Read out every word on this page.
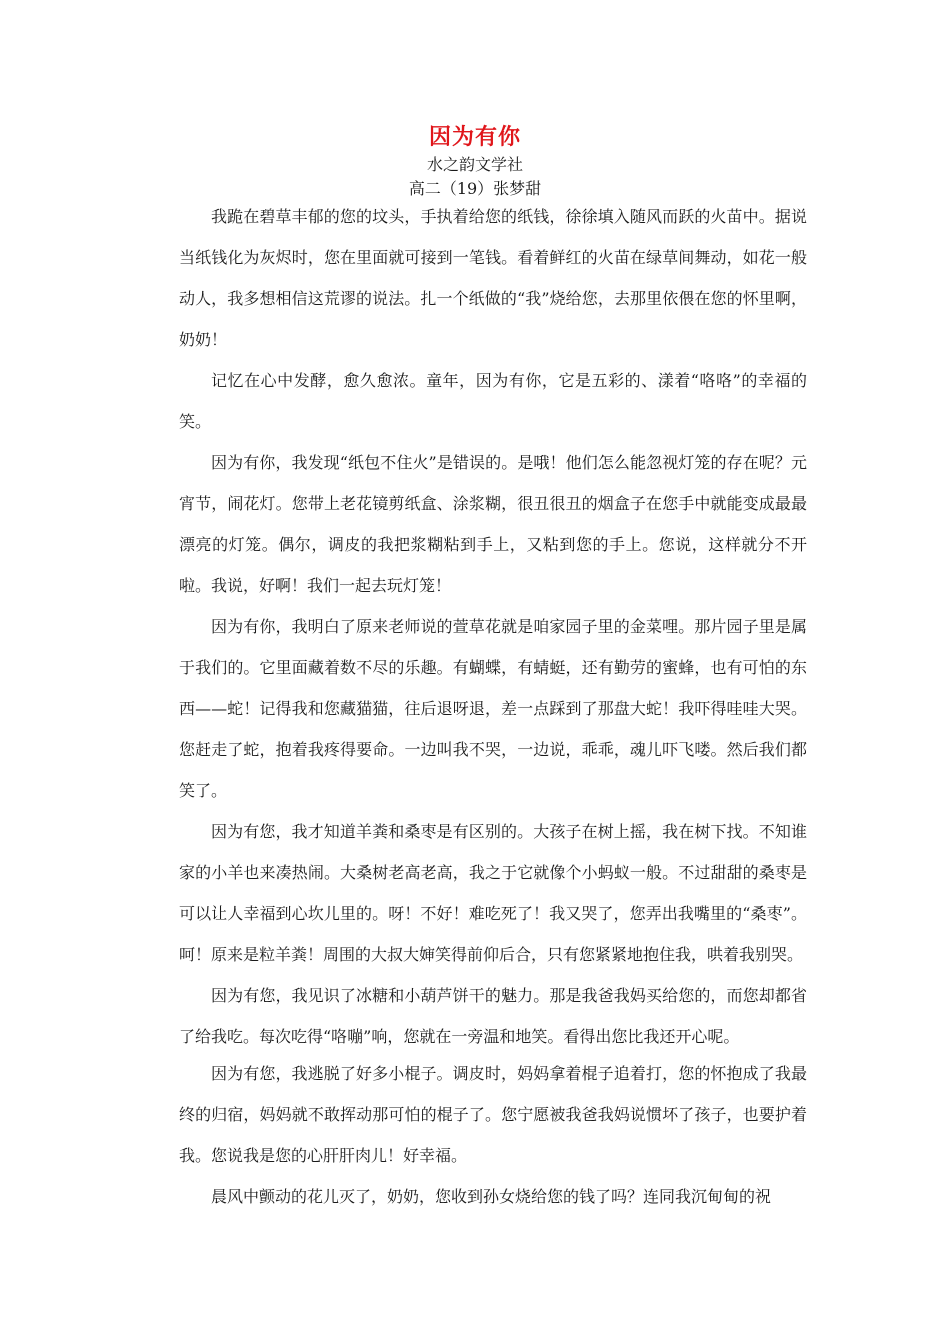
因为有你
水之韵文学社
高二（19）张梦甜

我跪在碧草丰郁的您的坟头，手执着给您的纸钱，徐徐填入随风而跃的火苗中。据说当纸钱化为灰烬时，您在里面就可接到一笔钱。看着鲜红的火苗在绿草间舞动，如花一般动人，我多想相信这荒谬的说法。扎一个纸做的“我”烧给您，去那里依偎在您的怀里啊，奶奶！

记忆在心中发酵，愈久愈浓。童年，因为有你，它是五彩的、漾着“咯咯”的幸福的笑。

因为有你，我发现“纸包不住火”是错误的。是哦！他们怎么能忽视灯笼的存在呢？元宵节，闹花灯。您带上老花镜剪纸盒、涂浆糊，很丑很丑的烟盒子在您手中就能变成最最漂亮的灯笼。偶尔，调皮的我把浆糊粘到手上，又粘到您的手上。您说，这样就分不开啦。我说，好啊！我们一起去玩灯笼！

因为有你，我明白了原来老师说的萱草花就是咱家园子里的金菜哩。那片园子里是属于我们的。它里面藏着数不尽的乐趣。有蝴蝶，有蜻蜓，还有勤劳的蜜蜂，也有可怕的东西——蛇！记得我和您藏猫猫，往后退呀退，差一点踩到了那盘大蛇！我吓得哇哇大哭。您赶走了蛇，抱着我疼得要命。一边叫我不哭，一边说，乖乖，魂儿吓飞喽。然后我们都笑了。

因为有您，我才知道羊粪和桑枣是有区别的。大孩子在树上摇，我在树下找。不知谁家的小羊也来凑热闹。大桑树老高老高，我之于它就像个小蚂蚁一般。不过甜甜的桑枣是可以让人幸福到心坎儿里的。呀！不好！难吃死了！我又哭了，您弄出我嘴里的“桑枣”。呵！原来是粒羊粪！周围的大叔大婶笑得前仰后合，只有您紧紧地抱住我，哄着我别哭。

因为有您，我见识了冰糖和小葫芦饼干的魅力。那是我爸我妈买给您的，而您却都省了给我吃。每次吃得“咯嘣”响，您就在一旁温和地笑。看得出您比我还开心呢。

因为有您，我逃脱了好多小棍子。调皮时，妈妈拿着棍子追着打，您的怀抱成了我最终的归宿，妈妈就不敢挥动那可怕的棍子了。您宁愿被我爸我妈说惯坏了孩子，也要护着我。您说我是您的心肝肝肉儿！好幸福。

晨风中颤动的花儿灭了，奶奶，您收到孙女烧给您的钱了吗？连同我沉甸甸的祝
